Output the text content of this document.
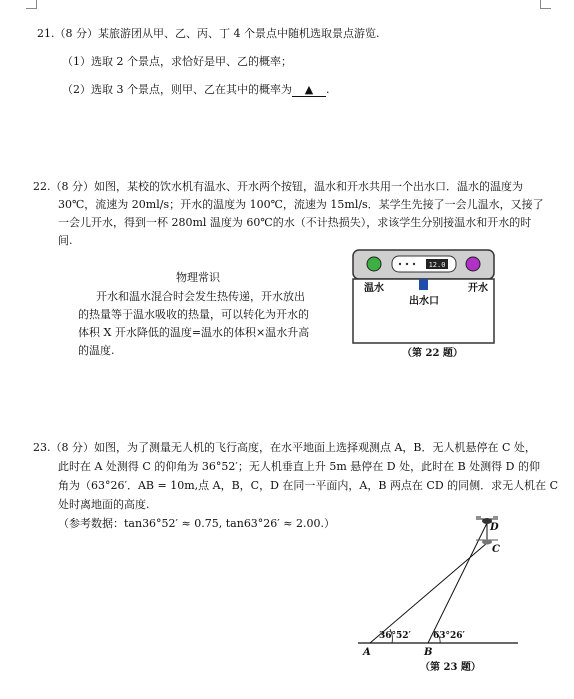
21.（8 分）某旅游团从甲、乙、丙、丁 4 个景点中随机选取景点游览.
（1）选取 2 个景点，求恰好是甲、乙的概率；
（2）选取 3 个景点，则甲、乙在其中的概率为 ▲ .
22.（8 分）如图，某校的饮水机有温水、开水两个按钮，温水和开水共用一个出水口．温水的温度为
30℃，流速为 20ml/s；开水的温度为 100℃，流速为 15ml/s．某学生先接了一会儿温水，又接了
一会儿开水，得到一杯 280ml 温度为 60℃的水（不计热损失），求该学生分别接温水和开水的时
间.
物理常识
开水和温水混合时会发生热传递，开水放出
的热量等于温水吸收的热量，可以转化为开水的
体积 X 开水降低的温度=温水的体积×温水升高
的温度.
12.0
温水	开水
出水口
（第 22 题）
23.（8 分）如图，为了测量无人机的飞行高度，在水平地面上选择观测点 A，B．无人机悬停在 C 处，
此时在 A 处测得 C 的仰角为 36°52′；无人机垂直上升 5m 悬停在 D 处，此时在 B 处测得 D 的仰
角为（63°26′．AB = 10m,点 A，B，C，D 在同一平面内，A，B 两点在 CD 的同侧．求无人机在 C
处时离地面的高度.
（参考数据：tan36°52′ ≈ 0.75, tan63°26′ ≈ 2.00.）
36°52′ 63°26′
A	B
C
D
（第 23 题）
